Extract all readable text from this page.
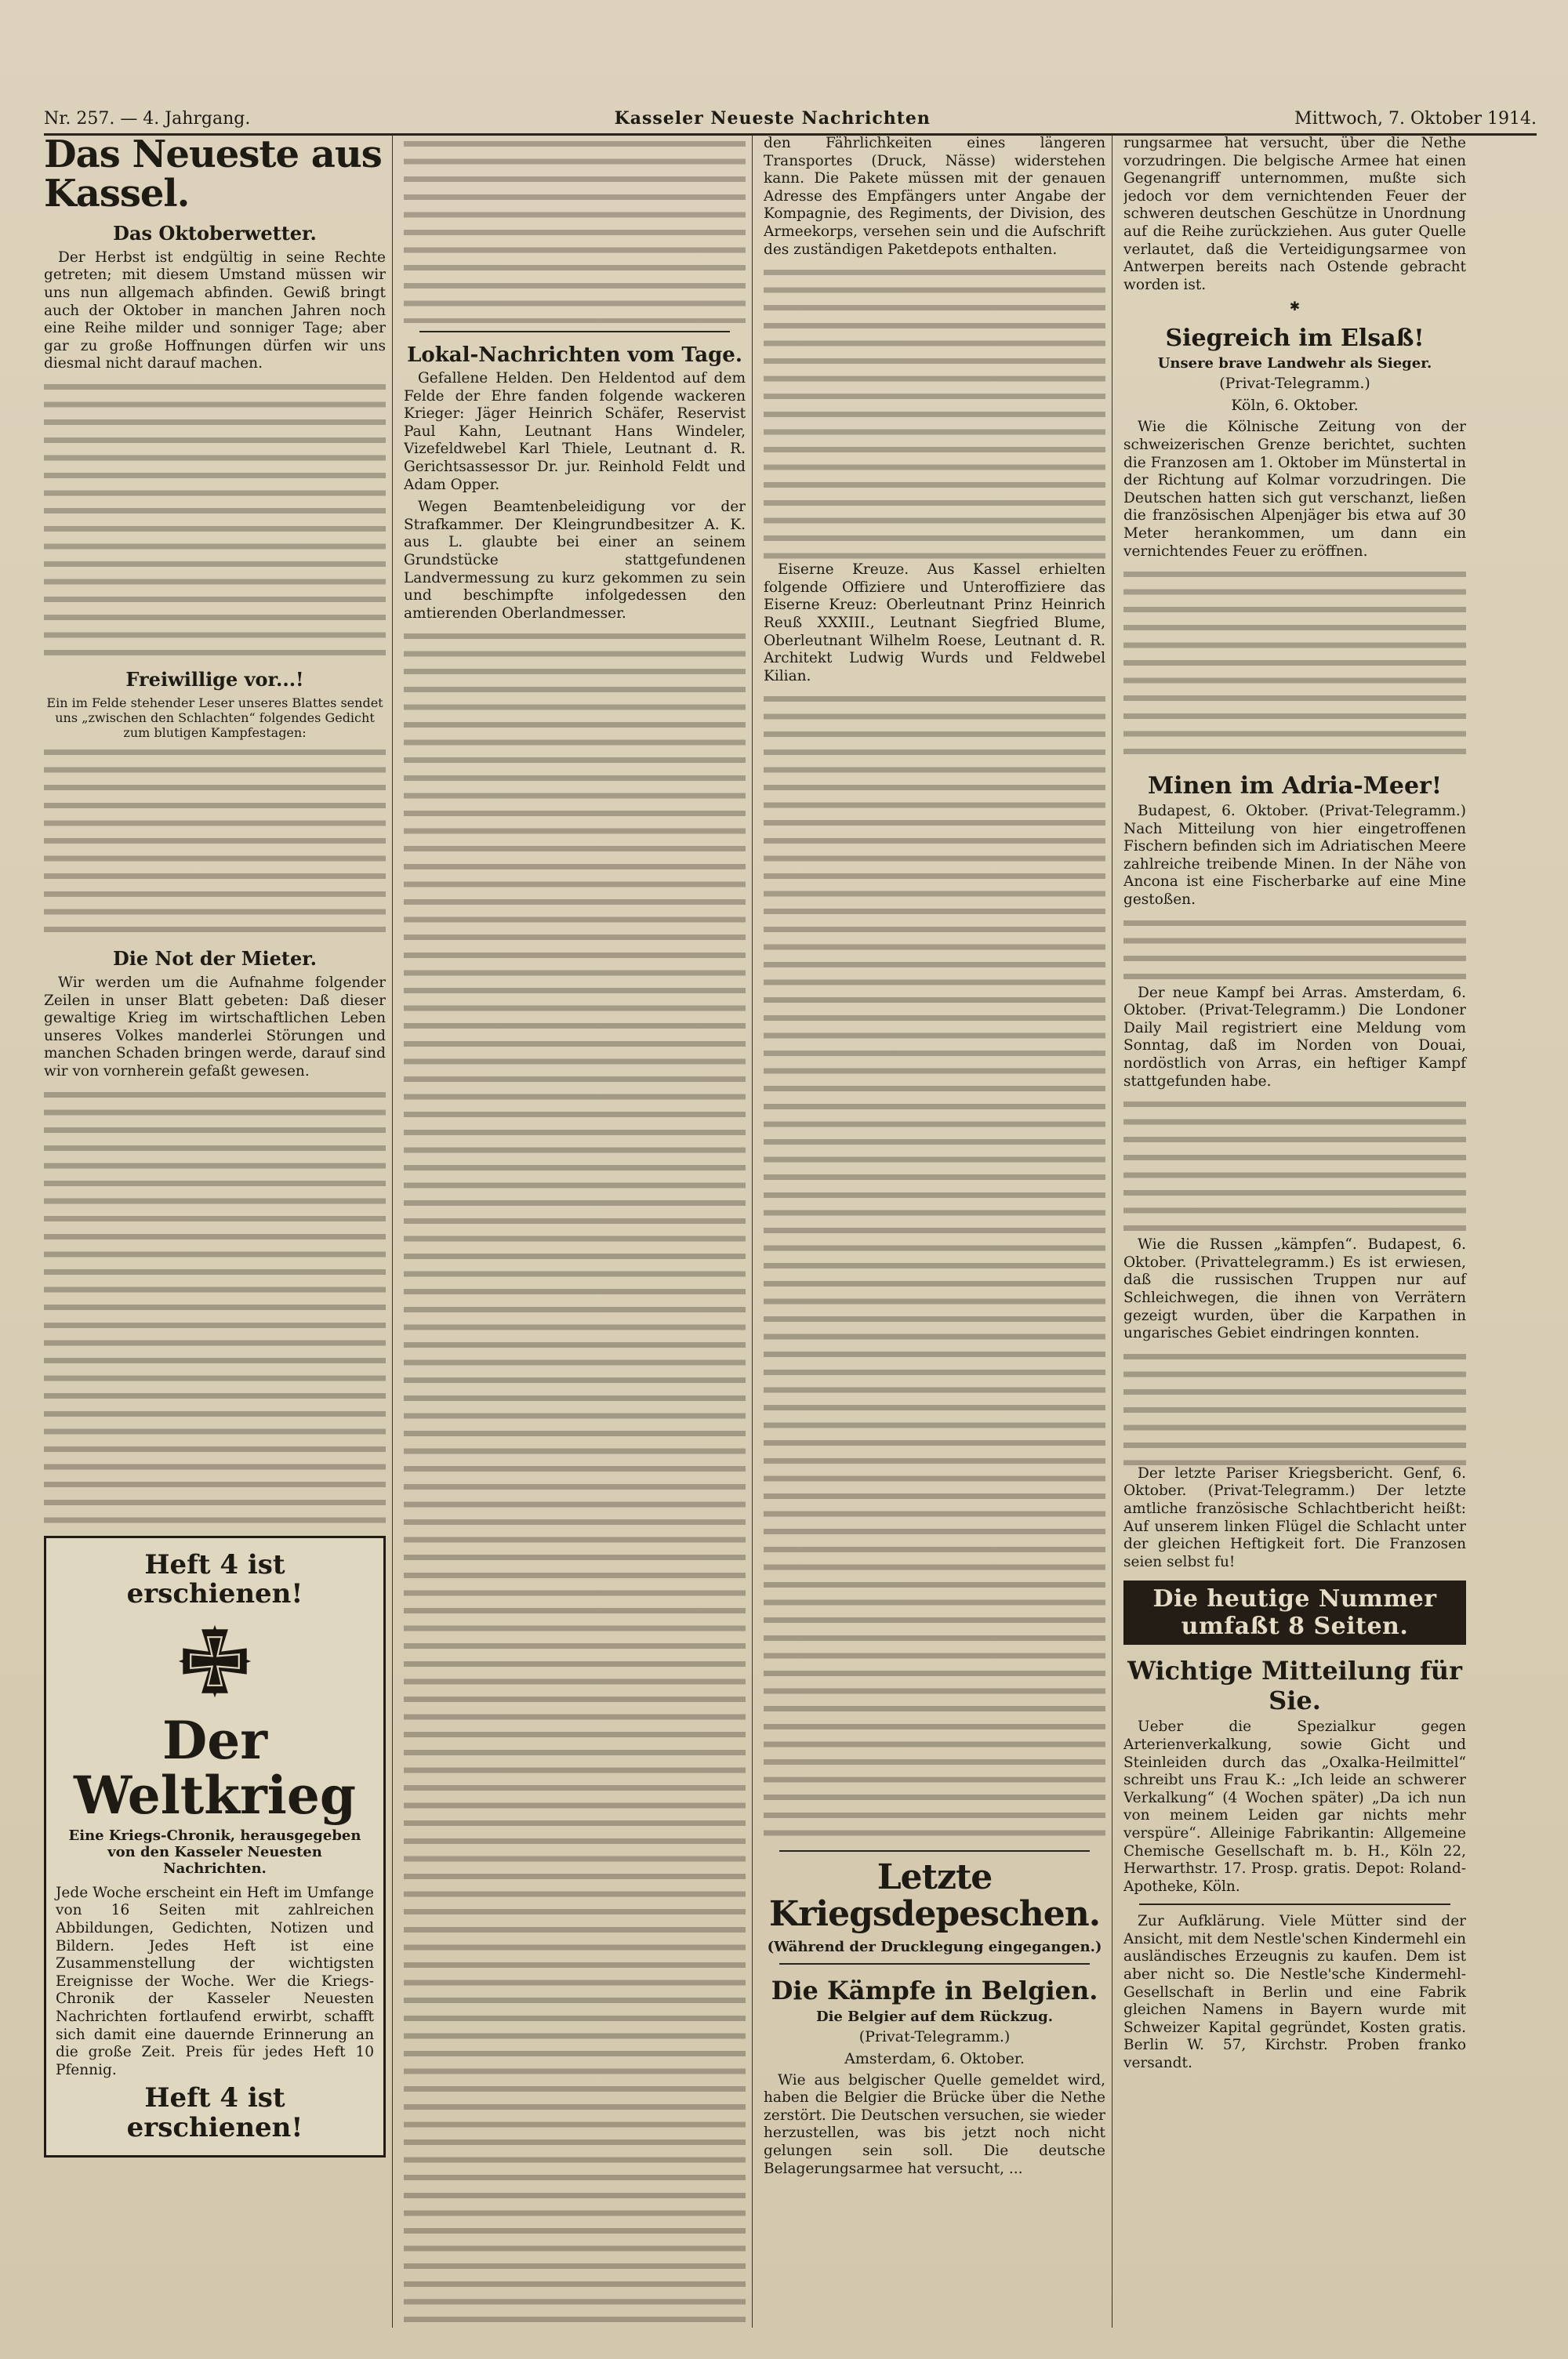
Nr. 257. — 4. Jahrgang.	Kasseler Neueste Nachrichten	Mittwoch, 7. Oktober 1914.
Das Neueste aus Kassel.
Das Oktoberwetter.

Der Herbst ist endgültig in seine Rechte getreten; mit diesem Umstand müssen wir uns nun allgemach abfinden. Gewiß bringt auch der Oktober in manchen Jahren noch eine Reihe milder und sonniger Tage; aber gar zu große Hoffnungen dürfen wir uns diesmal nicht darauf machen.

Freiwillige vor...!
Ein im Felde stehender Leser unseres Blattes sendet uns „zwischen den Schlachten“ folgendes Gedicht zum blutigen Kampfestagen:
Die Not der Mieter.

Wir werden um die Aufnahme folgender Zeilen in unser Blatt gebeten: Daß dieser gewaltige Krieg im wirtschaftlichen Leben unseres Volkes manderlei Störungen und manchen Schaden bringen werde, darauf sind wir von vornherein gefaßt gewesen.

Heft 4 ist erschienen!
Der Weltkrieg
Eine Kriegs-Chronik, herausgegeben von den Kasseler Neuesten Nachrichten.

Jede Woche erscheint ein Heft im Umfange von 16 Seiten mit zahlreichen Abbildungen, Gedichten, Notizen und Bildern. Jedes Heft ist eine Zusammenstellung der wichtigsten Ereignisse der Woche. Wer die Kriegs-Chronik der Kasseler Neuesten Nachrichten fortlaufend erwirbt, schafft sich damit eine dauernde Erinnerung an die große Zeit. Preis für jedes Heft 10 Pfennig.

Heft 4 ist erschienen!
Lokal-Nachrichten vom Tage.

Gefallene Helden. Den Heldentod auf dem Felde der Ehre fanden folgende wackeren Krieger: Jäger Heinrich Schäfer, Reservist Paul Kahn, Leutnant Hans Windeler, Vizefeldwebel Karl Thiele, Leutnant d. R. Gerichtsassessor Dr. jur. Reinhold Feldt und Adam Opper.

Wegen Beamtenbeleidigung vor der Strafkammer. Der Kleingrundbesitzer A. K. aus L. glaubte bei einer an seinem Grundstücke stattgefundenen Landvermessung zu kurz gekommen zu sein und beschimpfte infolgedessen den amtierenden Oberlandmesser.

den Fährlichkeiten eines längeren Transportes (Druck, Nässe) widerstehen kann. Die Pakete müssen mit der genauen Adresse des Empfängers unter Angabe der Kompagnie, des Regiments, der Division, des Armeekorps, versehen sein und die Aufschrift des zuständigen Paketdepots enthalten.

Eiserne Kreuze. Aus Kassel erhielten folgende Offiziere und Unteroffiziere das Eiserne Kreuz: Oberleutnant Prinz Heinrich Reuß XXXIII., Leutnant Siegfried Blume, Oberleutnant Wilhelm Roese, Leutnant d. R. Architekt Ludwig Wurds und Feldwebel Kilian.

Letzte Kriegsdepeschen.
(Während der Drucklegung eingegangen.)
Die Kämpfe in Belgien.
Die Belgier auf dem Rückzug.
(Privat-Telegramm.)
Amsterdam, 6. Oktober.

Wie aus belgischer Quelle gemeldet wird, haben die Belgier die Brücke über die Nethe zerstört. Die Deutschen versuchen, sie wieder herzustellen, was bis jetzt noch nicht gelungen sein soll. Die deutsche Belagerungsarmee hat versucht, ...

rungsarmee hat versucht, über die Nethe vorzudringen. Die belgische Armee hat einen Gegenangriff unternommen, mußte sich jedoch vor dem vernichtenden Feuer der schweren deutschen Geschütze in Unordnung auf die Reihe zurückziehen. Aus guter Quelle verlautet, daß die Verteidigungsarmee von Antwerpen bereits nach Ostende gebracht worden ist.

✱
Siegreich im Elsaß!
Unsere brave Landwehr als Sieger.
(Privat-Telegramm.)
Köln, 6. Oktober.

Wie die Kölnische Zeitung von der schweizerischen Grenze berichtet, suchten die Franzosen am 1. Oktober im Münstertal in der Richtung auf Kolmar vorzudringen. Die Deutschen hatten sich gut verschanzt, ließen die französischen Alpenjäger bis etwa auf 30 Meter herankommen, um dann ein vernichtendes Feuer zu eröffnen.

Minen im Adria-Meer!

Budapest, 6. Oktober. (Privat-Telegramm.) Nach Mitteilung von hier eingetroffenen Fischern befinden sich im Adriatischen Meere zahlreiche treibende Minen. In der Nähe von Ancona ist eine Fischerbarke auf eine Mine gestoßen.

Der neue Kampf bei Arras. Amsterdam, 6. Oktober. (Privat-Telegramm.) Die Londoner Daily Mail registriert eine Meldung vom Sonntag, daß im Norden von Douai, nordöstlich von Arras, ein heftiger Kampf stattgefunden habe.

Wie die Russen „kämpfen“. Budapest, 6. Oktober. (Privattelegramm.) Es ist erwiesen, daß die russischen Truppen nur auf Schleichwegen, die ihnen von Verrätern gezeigt wurden, über die Karpathen in ungarisches Gebiet eindringen konnten.

Der letzte Pariser Kriegsbericht. Genf, 6. Oktober. (Privat-Telegramm.) Der letzte amtliche französische Schlachtbericht heißt: Auf unserem linken Flügel die Schlacht unter der gleichen Heftigkeit fort. Die Franzosen seien selbst fu!

Die heutige Nummer umfaßt 8 Seiten.
Wichtige Mitteilung für Sie.

Ueber die Spezialkur gegen Arterienverkalkung, sowie Gicht und Steinleiden durch das „Oxalka-Heilmittel“ schreibt uns Frau K.: „Ich leide an schwerer Verkalkung“ (4 Wochen später) „Da ich nun von meinem Leiden gar nichts mehr verspüre“. Alleinige Fabrikantin: Allgemeine Chemische Gesellschaft m. b. H., Köln 22, Herwarthstr. 17. Prosp. gratis. Depot: Roland-Apotheke, Köln.

Zur Aufklärung. Viele Mütter sind der Ansicht, mit dem Nestle'schen Kindermehl ein ausländisches Erzeugnis zu kaufen. Dem ist aber nicht so. Die Nestle'sche Kindermehl-Gesellschaft in Berlin und eine Fabrik gleichen Namens in Bayern wurde mit Schweizer Kapital gegründet, Kosten gratis. Berlin W. 57, Kirchstr. Proben franko versandt.
